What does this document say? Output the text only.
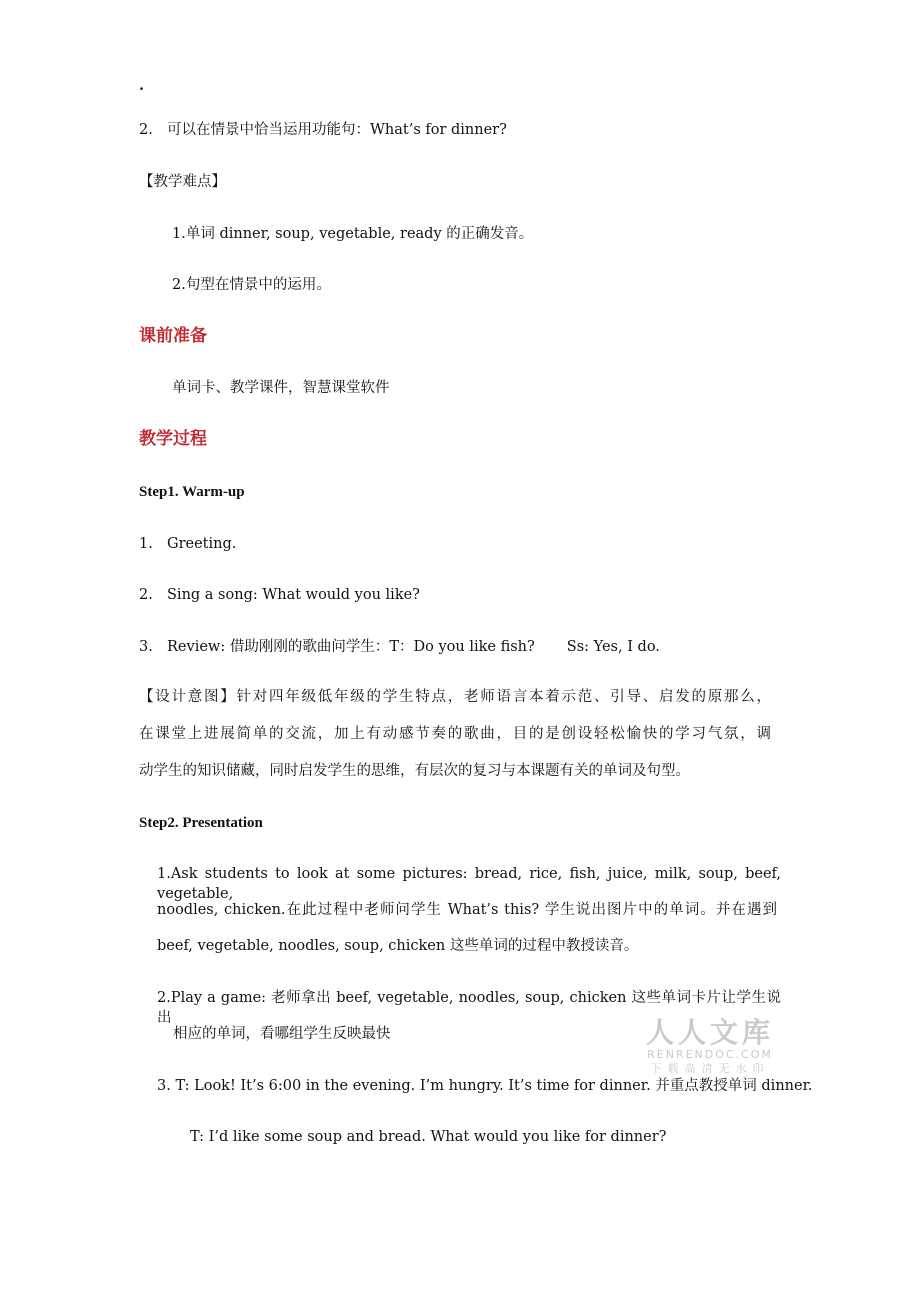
.
2. 可以在情景中恰当运用功能句：What’s for dinner?
【教学难点】
1.单词 dinner, soup, vegetable, ready 的正确发音。
2.句型在情景中的运用。
课前准备
单词卡、教学课件，智慧课堂软件
教学过程
Step1. Warm-up
1. Greeting.
2. Sing a song: What would you like?
3. Review: 借助刚刚的歌曲问学生：T：Do you like fish? Ss: Yes, I do.
【设计意图】针对四年级低年级的学生特点，老师语言本着示范、引导、启发的原那么，
在课堂上进展简单的交流，加上有动感节奏的歌曲，目的是创设轻松愉快的学习气氛，调
动学生的知识储藏，同时启发学生的思维，有层次的复习与本课题有关的单词及句型。
Step2. Presentation
1.Ask students to look at some pictures: bread, rice, fish, juice, milk, soup, beef, vegetable,
noodles, chicken.在此过程中老师问学生 What’s this? 学生说出图片中的单词。并在遇到
beef, vegetable, noodles, soup, chicken 这些单词的过程中教授读音。
2.Play a game: 老师拿出 beef, vegetable, noodles, soup, chicken 这些单词卡片让学生说出
相应的单词，看哪组学生反映最快
3. T: Look! It’s 6:00 in the evening. I’m hungry. It’s time for dinner. 并重点教授单词 dinner.
T: I’d like some soup and bread. What would you like for dinner?
人人文库
RENRENDOC.COM
下载高清无水印
